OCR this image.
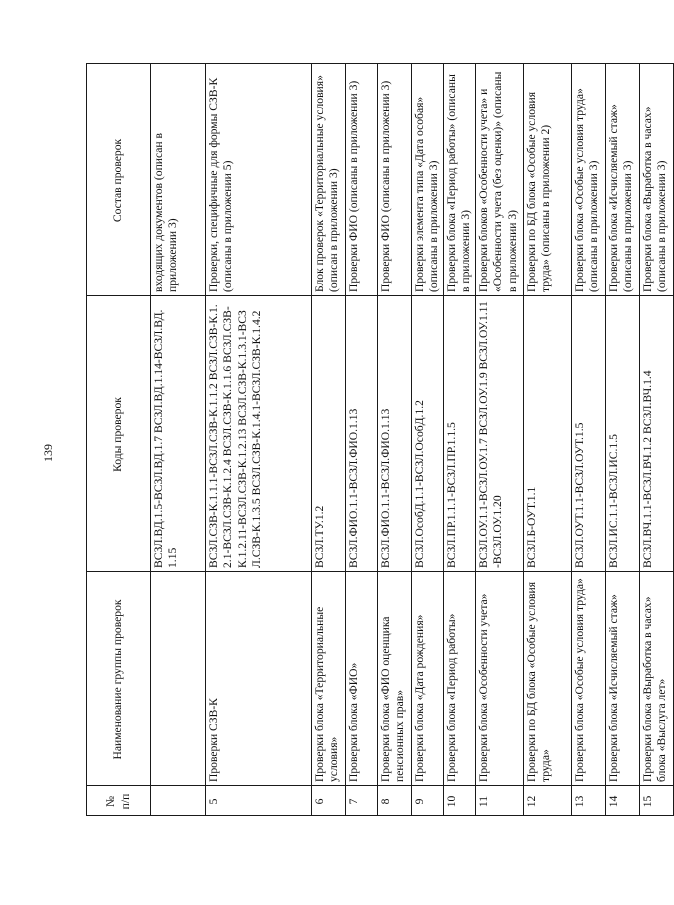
139
№ п/п	Наименование группы проверок	Коды проверок	Состав проверок
		ВСЗЛ.ВД.1.5-ВСЗЛ.ВД.1.7 ВСЗЛ.ВД.1.14-ВСЗЛ.ВД.1.15	входящих документов (описан в приложении 3)
5	Проверки СЗВ-К	ВСЗЛ.СЗВ-К.1.1.1-ВСЗЛ.СЗВ-К.1.1.2 ВСЗЛ.СЗВ-К.1.2.1-ВСЗЛ.СЗВ-К.1.2.4 ВСЗЛ.СЗВ-К.1.1.6 ВСЗЛ.СЗВ-К.1.2.11-ВСЗЛ.СЗВ-К.1.2.13 ВСЗЛ.СЗВ-К.1.3.1-ВСЗЛ.СЗВ-К.1.3.5 ВСЗЛ.СЗВ-К.1.4.1-ВСЗЛ.СЗВ-К.1.4.2	Проверки, специфичные для формы СЗВ-К (описаны в приложении 5)
6	Проверки блока «Территориальные условия»	ВСЗЛ.ТУ.1.2	Блок проверок «Территориальные условия» (описан в приложении 3)
7	Проверки блока «ФИО»	ВСЗЛ.ФИО.1.1-ВСЗЛ.ФИО.1.13	Проверки ФИО (описаны в приложении 3)
8	Проверки блока «ФИО оценщика пенсионных прав»	ВСЗЛ.ФИО.1.1-ВСЗЛ.ФИО.1.13	Проверки ФИО (описаны в приложении 3)
9	Проверки блока «Дата рождения»	ВСЗЛ.ОсобД.1.1-ВСЗЛ.ОсобД.1.2	Проверки элемента типа «Дата особая» (описаны в приложении 3)
10	Проверки блока «Период работы»	ВСЗЛ.ПР.1.1.1-ВСЗЛ.ПР.1.1.5	Проверки блока «Период работы» (описаны в приложении 3)
11	Проверки блока «Особенности учета»	ВСЗЛ.ОУ.1.1-ВСЗЛ.ОУ.1.7 ВСЗЛ.ОУ.1.9 ВСЗЛ.ОУ.1.11-ВСЗЛ.ОУ.1.20	Проверки блоков «Особенности учета» и «Особенности учета (без оценки)» (описаны в приложении 3)
12	Проверки по БД блока «Особые условия труда»	ВСЗЛ.Б-ОУТ.1.1	Проверки по БД блока «Особые условия труда» (описаны в приложении 2)
13	Проверки блока «Особые условия труда»	ВСЗЛ.ОУТ.1.1-ВСЗЛ.ОУТ.1.5	Проверки блока «Особые условия труда» (описаны в приложении 3)
14	Проверки блока «Исчисляемый стаж»	ВСЗЛ.ИС.1.1-ВСЗЛ.ИС.1.5	Проверки блока «Исчисляемый стаж» (описаны в приложении 3)
15	Проверки блока «Выработка в часах» блока «Выслуга лет»	ВСЗЛ.ВЧ.1.1-ВСЗЛ.ВЧ.1.2 ВСЗЛ.ВЧ.1.4	Проверки блока «Выработка в часах» (описаны в приложении 3)
